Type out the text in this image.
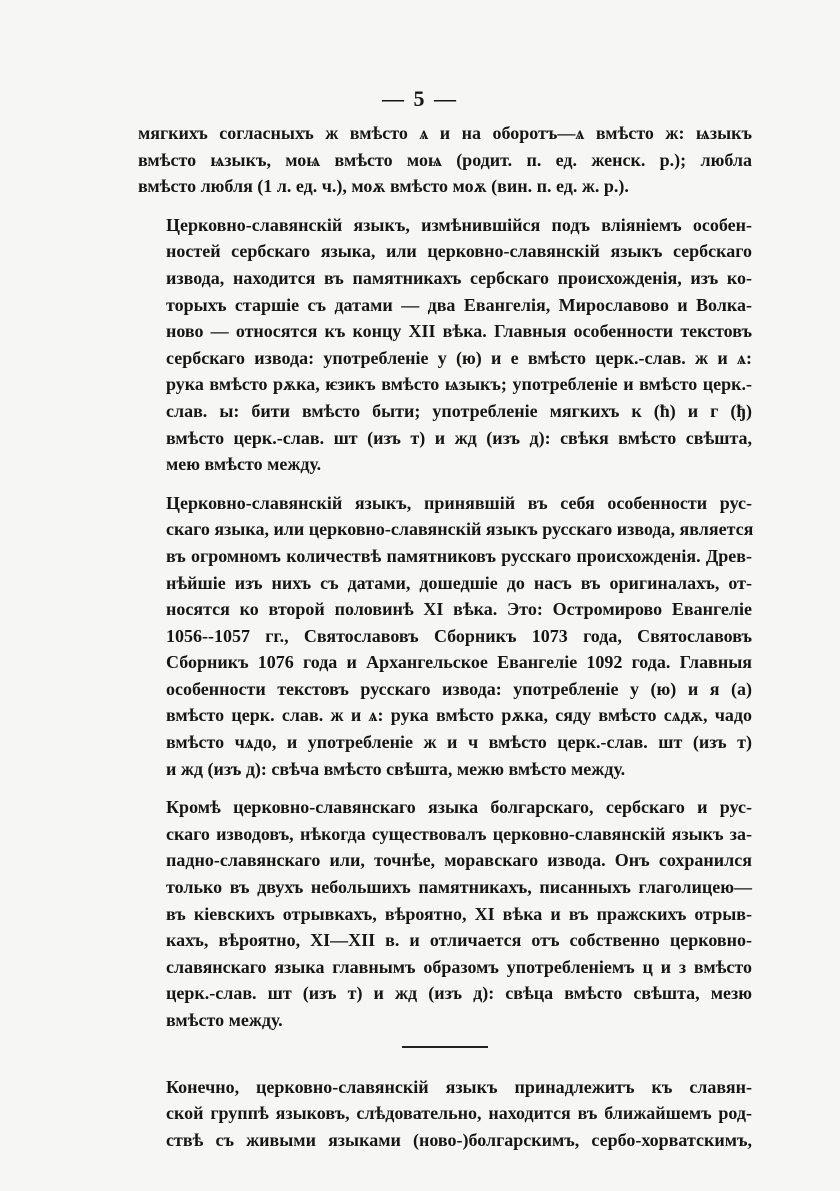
— 5 —
мягкихъ согласныхъ ж вмѣсто ѧ и на оборотъ—ѧ вмѣсто ж: ѩзыкъ
вмѣсто ѩзыкъ, моѩ вмѣсто моѩ (родит. п. ед. женск. р.); любла
вмѣсто любля (1 л. ед. ч.), моѫ вмѣсто моѫ (вин. п. ед. ж. р.).
Церковно-славянскій языкъ, измѣнившійся подъ вліяніемъ особен-
ностей сербскаго языка, или церковно-славянскій языкъ сербскаго
извода, находится въ памятникахъ сербскаго происхожденія, изъ ко-
торыхъ старшіе съ датами — два Евангелія, Мирославово и Волка-
ново — относятся къ концу XII вѣка. Главныя особенности текстовъ
сербскаго извода: употребленіе у (ю) и е вмѣсто церк.-слав. ж и ѧ:
рука вмѣсто рѫка, ѥзикъ вмѣсто ѩзыкъ; употребленіе и вмѣсто церк.-
слав. ы: бити вмѣсто быти; употребленіе мягкихъ к (ћ) и г (ђ)
вмѣсто церк.-слав. шт (изъ т) и жд (изъ д): свѣкя вмѣсто свѣшта,
мею вмѣсто между.
Церковно-славянскій языкъ, принявшій въ себя особенности рус-
скаго языка, или церковно-славянскій языкъ русскаго извода, является
въ огромномъ количествѣ памятниковъ русскаго происхожденія. Древ-
нѣйшіе изъ нихъ съ датами, дошедшіе до насъ въ оригиналахъ, от-
носятся ко второй половинѣ XI вѣка. Это: Остромирово Евангеліе
1056--1057 гг., Святославовъ Сборникъ 1073 года, Святославовъ
Сборникъ 1076 года и Архангельское Евангеліе 1092 года. Главныя
особенности текстовъ русскаго извода: употребленіе у (ю) и я (а)
вмѣсто церк. слав. ж и ѧ: рука вмѣсто рѫка, сяду вмѣсто сѧдѫ, чадо
вмѣсто чѧдо, и употребленіе ж и ч вмѣсто церк.-слав. шт (изъ т)
и жд (изъ д): свѣча вмѣсто свѣшта, межю вмѣсто между.
Кромѣ церковно-славянскаго языка болгарскаго, сербскаго и рус-
скаго изводовъ, нѣкогда существовалъ церковно-славянскій языкъ за-
падно-славянскаго или, точнѣе, моравскаго извода. Онъ сохранился
только въ двухъ небольшихъ памятникахъ, писанныхъ глаголицею—
въ кіевскихъ отрывкахъ, вѣроятно, XI вѣка и въ пражскихъ отрыв-
кахъ, вѣроятно, XI—XII в. и отличается отъ собственно церковно-
славянскаго языка главнымъ образомъ употребленіемъ ц и з вмѣсто
церк.-слав. шт (изъ т) и жд (изъ д): свѣца вмѣсто свѣшта, мезю
вмѣсто между.
Конечно, церковно-славянскій языкъ принадлежитъ къ славян-
ской группѣ языковъ, слѣдовательно, находится въ ближайшемъ род-
ствѣ съ живыми языками (ново-)болгарскимъ, сербо-хорватскимъ,
